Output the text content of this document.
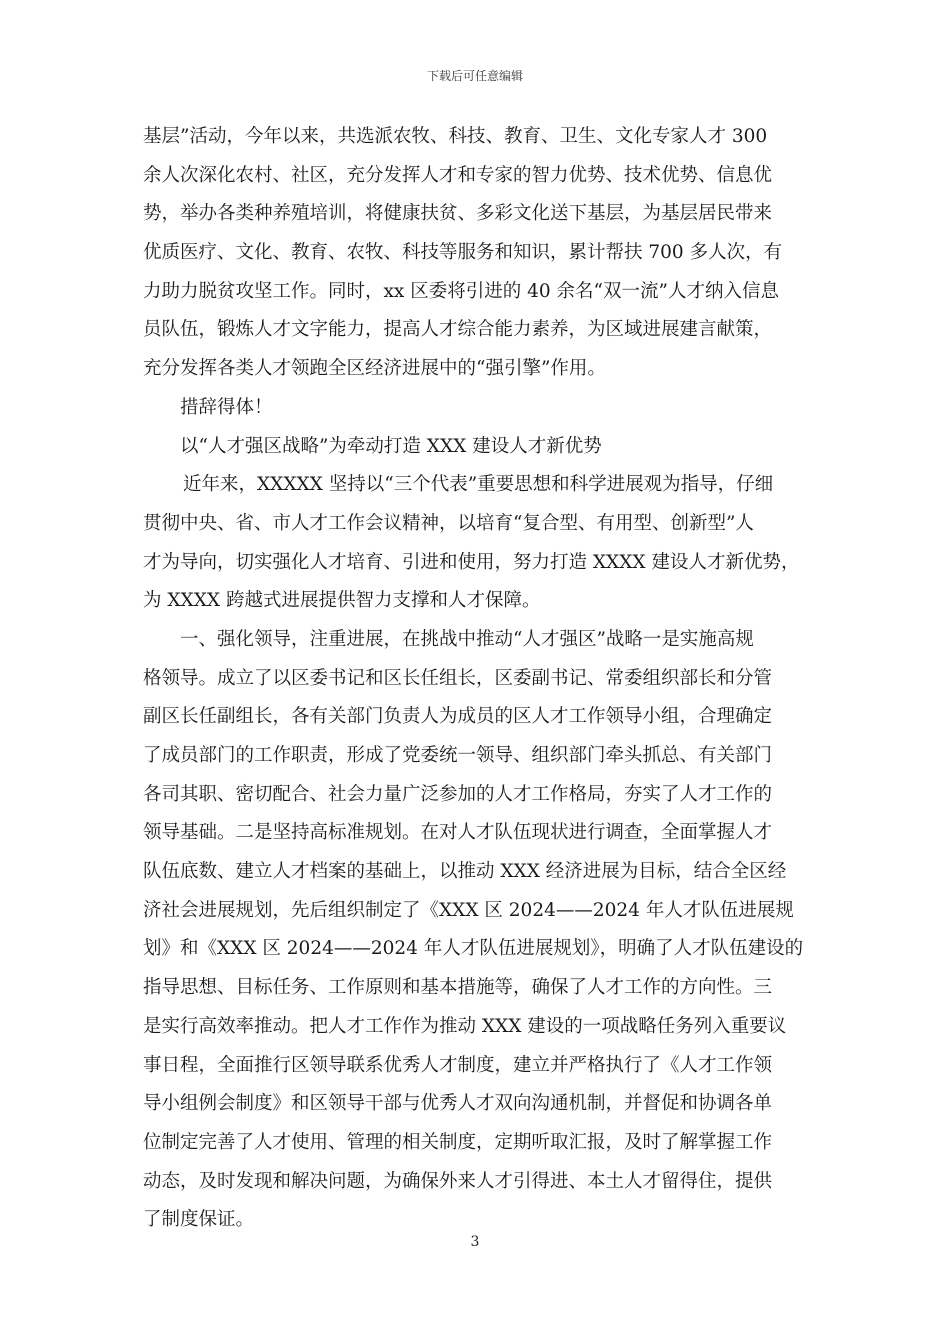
下载后可任意编辑
基层”活动，今年以来，共选派农牧、科技、教育、卫生、文化专家人才 300
余人次深化农村、社区，充分发挥人才和专家的智力优势、技术优势、信息优
势，举办各类种养殖培训，将健康扶贫、多彩文化送下基层，为基层居民带来
优质医疗、文化、教育、农牧、科技等服务和知识，累计帮扶 700 多人次，有
力助力脱贫攻坚工作。同时，xx 区委将引进的 40 余名“双一流”人才纳入信息
员队伍，锻炼人才文字能力，提高人才综合能力素养，为区域进展建言献策，
充分发挥各类人才领跑全区经济进展中的“强引擎”作用。
措辞得体！
以“人才强区战略”为牵动打造 XXX 建设人才新优势
近年来，XXXXX 坚持以“三个代表”重要思想和科学进展观为指导，仔细
贯彻中央、省、市人才工作会议精神，以培育“复合型、有用型、创新型”人
才为导向，切实强化人才培育、引进和使用，努力打造 XXXX 建设人才新优势，
为 XXXX 跨越式进展提供智力支撑和人才保障。
一、强化领导，注重进展，在挑战中推动“人才强区”战略一是实施高规
格领导。成立了以区委书记和区长任组长，区委副书记、常委组织部长和分管
副区长任副组长，各有关部门负责人为成员的区人才工作领导小组，合理确定
了成员部门的工作职责，形成了党委统一领导、组织部门牵头抓总、有关部门
各司其职、密切配合、社会力量广泛参加的人才工作格局，夯实了人才工作的
领导基础。二是坚持高标准规划。在对人才队伍现状进行调查，全面掌握人才
队伍底数、建立人才档案的基础上，以推动 XXX 经济进展为目标，结合全区经
济社会进展规划，先后组织制定了《XXX 区 2024——2024 年人才队伍进展规
划》和《XXX 区 2024——2024 年人才队伍进展规划》，明确了人才队伍建设的
指导思想、目标任务、工作原则和基本措施等，确保了人才工作的方向性。三
是实行高效率推动。把人才工作作为推动 XXX 建设的一项战略任务列入重要议
事日程，全面推行区领导联系优秀人才制度，建立并严格执行了《人才工作领
导小组例会制度》和区领导干部与优秀人才双向沟通机制，并督促和协调各单
位制定完善了人才使用、管理的相关制度，定期听取汇报，及时了解掌握工作
动态，及时发现和解决问题，为确保外来人才引得进、本土人才留得住，提供
了制度保证。
3
